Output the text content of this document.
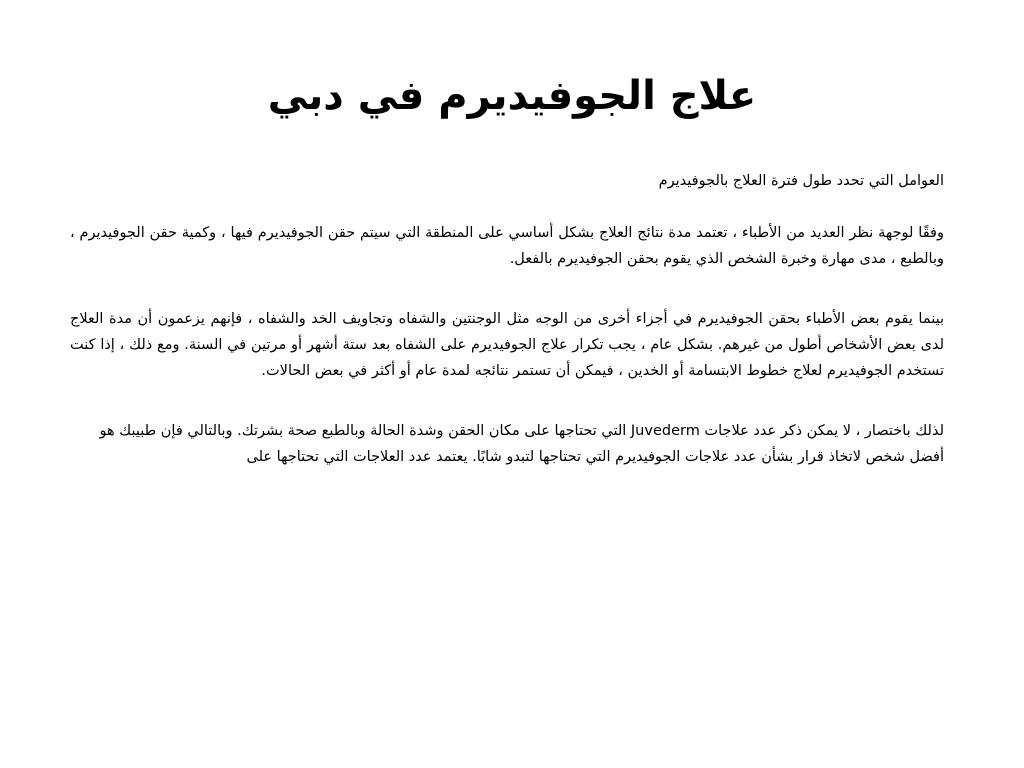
علاج الجوفيديرم في دبي

العوامل التي تحدد طول فترة العلاج بالجوفيديرم

وفقًا لوجهة نظر العديد من الأطباء ، تعتمد مدة نتائج العلاج بشكل أساسي على المنطقة التي سيتم حقن الجوفيديرم فيها ، وكمية حقن الجوفيديرم ، وبالطبع ، مدى مهارة وخبرة الشخص الذي يقوم بحقن الجوفيديرم بالفعل.

بينما يقوم بعض الأطباء بحقن الجوفيديرم في أجزاء أخرى من الوجه مثل الوجنتين والشفاه وتجاويف الخد والشفاه ، فإنهم يزعمون أن مدة العلاج لدى بعض الأشخاص أطول من غيرهم. بشكل عام ، يجب تكرار علاج الجوفيديرم على الشفاه بعد ستة أشهر أو مرتين في السنة. ومع ذلك ، إذا كنت تستخدم الجوفيديرم لعلاج خطوط الابتسامة أو الخدين ، فيمكن أن تستمر نتائجه لمدة عام أو أكثر في بعض الحالات.

لذلك باختصار ، لا يمكن ذكر عدد علاجات Juvederm التي تحتاجها على مكان الحقن وشدة الحالة وبالطبع صحة بشرتك. وبالتالي فإن طبيبك هو أفضل شخص لاتخاذ قرار بشأن عدد علاجات الجوفيديرم التي تحتاجها لتبدو شابًا. يعتمد عدد العلاجات التي تحتاجها على
